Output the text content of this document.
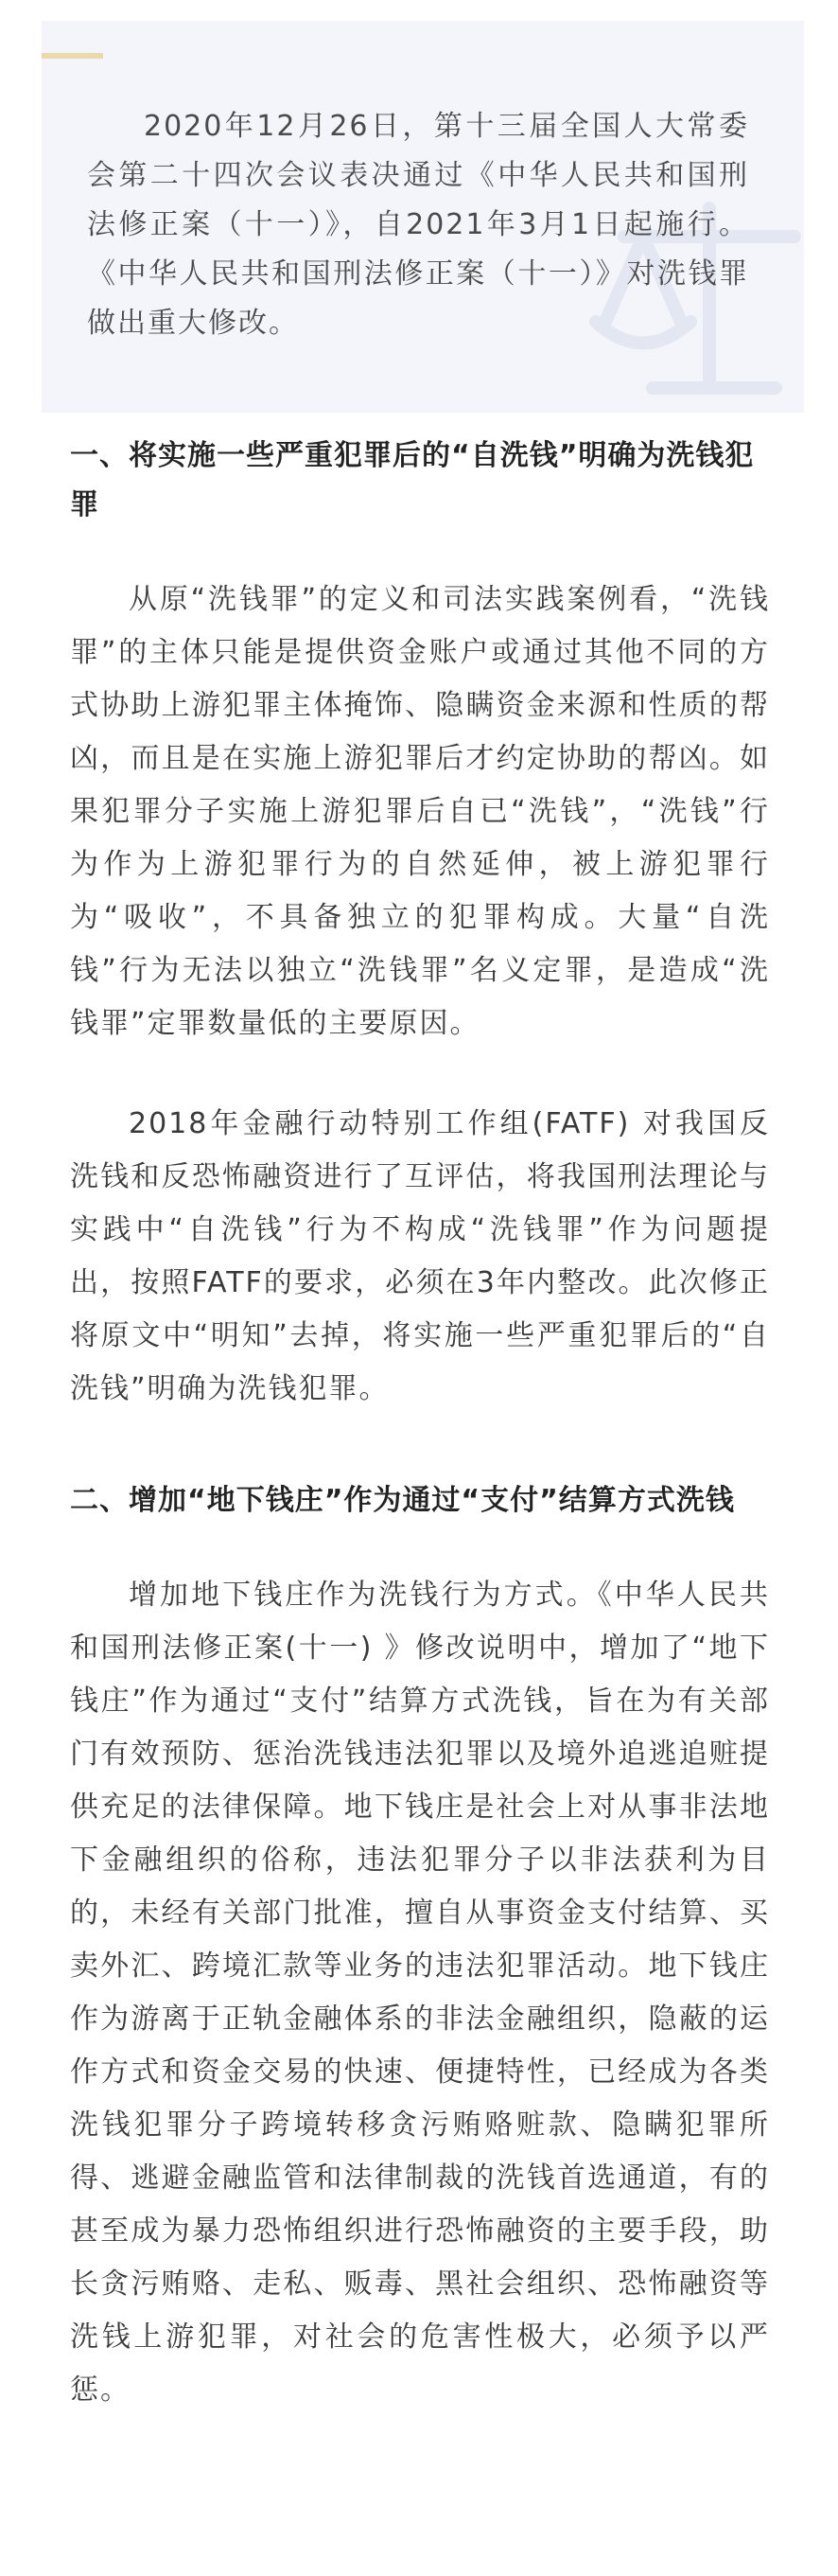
2020年12月26日，第十三届全国人大常委会第二十四次会议表决通过《中华人民共和国刑法修正案（十一）》，自2021年3月1日起施行。《中华人民共和国刑法修正案（十一）》对洗钱罪做出重大修改。

一、将实施一些严重犯罪后的“自洗钱”明确为洗钱犯罪

从原“洗钱罪”的定义和司法实践案例看，“洗钱罪”的主体只能是提供资金账户或通过其他不同的方式协助上游犯罪主体掩饰、隐瞒资金来源和性质的帮凶，而且是在实施上游犯罪后才约定协助的帮凶。如果犯罪分子实施上游犯罪后自已“洗钱”，“洗钱”行为作为上游犯罪行为的自然延伸，被上游犯罪行为“吸收”，不具备独立的犯罪构成。大量“自洗钱”行为无法以独立“洗钱罪”名义定罪，是造成“洗钱罪”定罪数量低的主要原因。

2018年金融行动特别工作组(FATF) 对我国反洗钱和反恐怖融资进行了互评估，将我国刑法理论与实践中“自洗钱”行为不构成“洗钱罪”作为问题提出，按照FATF的要求，必须在3年内整改。此次修正将原文中“明知”去掉，将实施一些严重犯罪后的“自洗钱”明确为洗钱犯罪。

二、增加“地下钱庄”作为通过“支付”结算方式洗钱

增加地下钱庄作为洗钱行为方式。《中华人民共和国刑法修正案(十一) 》修改说明中，增加了“地下钱庄”作为通过“支付”结算方式洗钱，旨在为有关部门有效预防、惩治洗钱违法犯罪以及境外追逃追赃提供充足的法律保障。地下钱庄是社会上对从事非法地下金融组织的俗称，违法犯罪分子以非法获利为目的，未经有关部门批准，擅自从事资金支付结算、买卖外汇、跨境汇款等业务的违法犯罪活动。地下钱庄作为游离于正轨金融体系的非法金融组织，隐蔽的运作方式和资金交易的快速、便捷特性，已经成为各类洗钱犯罪分子跨境转移贪污贿赂赃款、隐瞒犯罪所得、逃避金融监管和法律制裁的洗钱首选通道，有的甚至成为暴力恐怖组织进行恐怖融资的主要手段，助长贪污贿赂、走私、贩毒、黑社会组织、恐怖融资等洗钱上游犯罪，对社会的危害性极大，必须予以严惩。
